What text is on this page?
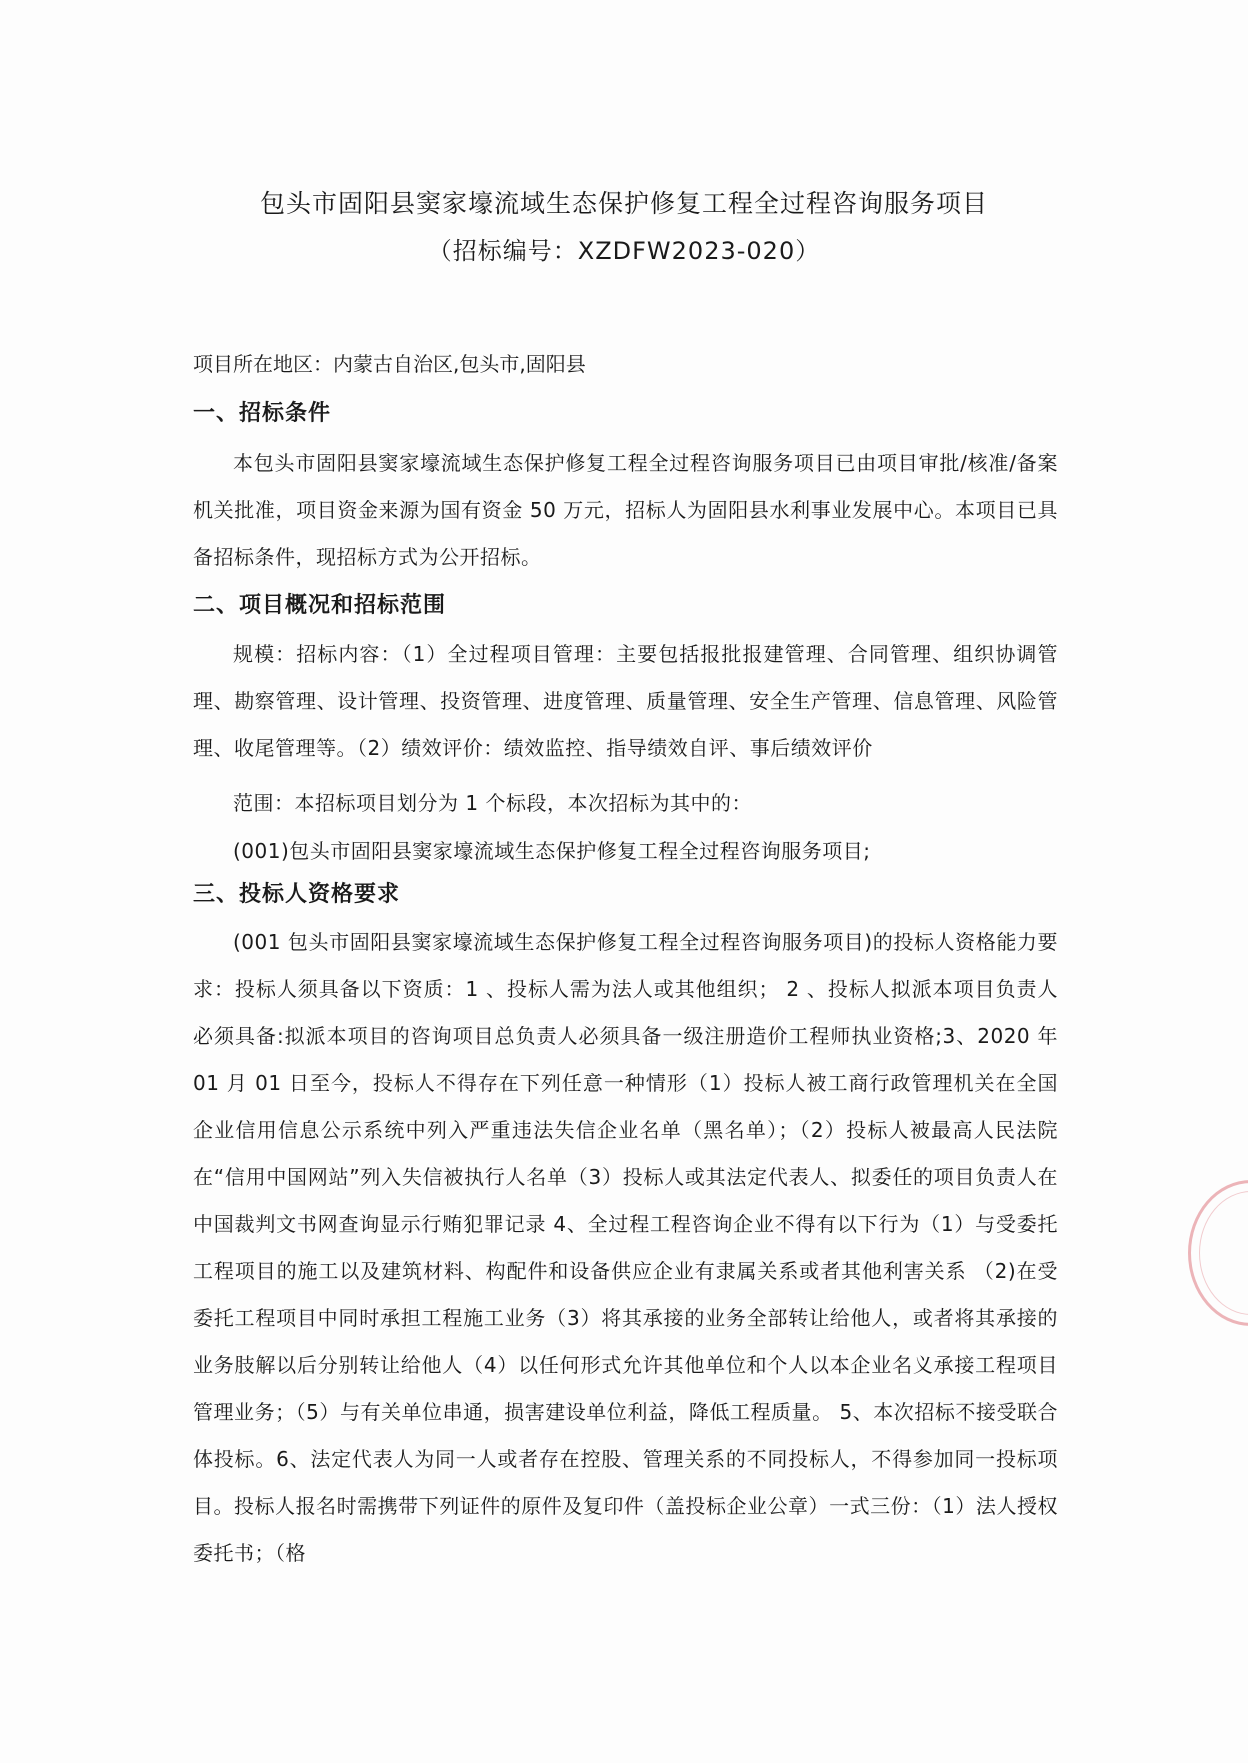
包头市固阳县窦家壕流域生态保护修复工程全过程咨询服务项目
（招标编号：XZDFW2023-020）
项目所在地区：内蒙古自治区,包头市,固阳县
一、招标条件
本包头市固阳县窦家壕流域生态保护修复工程全过程咨询服务项目已由项目审批/核准/备案机关批准，项目资金来源为国有资金 50 万元，招标人为固阳县水利事业发展中心。本项目已具备招标条件，现招标方式为公开招标。
二、项目概况和招标范围
规模：招标内容：（1）全过程项目管理：主要包括报批报建管理、合同管理、组织协调管理、勘察管理、设计管理、投资管理、进度管理、质量管理、安全生产管理、信息管理、风险管理、收尾管理等。（2）绩效评价：绩效监控、指导绩效自评、事后绩效评价
范围：本招标项目划分为 1 个标段，本次招标为其中的：
(001)包头市固阳县窦家壕流域生态保护修复工程全过程咨询服务项目;
三、投标人资格要求
(001 包头市固阳县窦家壕流域生态保护修复工程全过程咨询服务项目)的投标人资格能力要求：投标人须具备以下资质：1 、投标人需为法人或其他组织； 2 、投标人拟派本项目负责人必须具备:拟派本项目的咨询项目总负责人必须具备一级注册造价工程师执业资格;3、2020 年 01 月 01 日至今，投标人不得存在下列任意一种情形（1）投标人被工商行政管理机关在全国企业信用信息公示系统中列入严重违法失信企业名单（黑名单）；（2）投标人被最高人民法院在“信用中国网站”列入失信被执行人名单（3）投标人或其法定代表人、拟委任的项目负责人在中国裁判文书网查询显示行贿犯罪记录 4、全过程工程咨询企业不得有以下行为（1）与受委托工程项目的施工以及建筑材料、构配件和设备供应企业有隶属关系或者其他利害关系 （2)在受委托工程项目中同时承担工程施工业务（3）将其承接的业务全部转让给他人，或者将其承接的业务肢解以后分别转让给他人（4）以任何形式允许其他单位和个人以本企业名义承接工程项目管理业务；（5）与有关单位串通，损害建设单位利益，降低工程质量。 5、本次招标不接受联合体投标。6、法定代表人为同一人或者存在控股、管理关系的不同投标人，不得参加同一投标项目。投标人报名时需携带下列证件的原件及复印件（盖投标企业公章）一式三份：（1）法人授权委托书；（格
